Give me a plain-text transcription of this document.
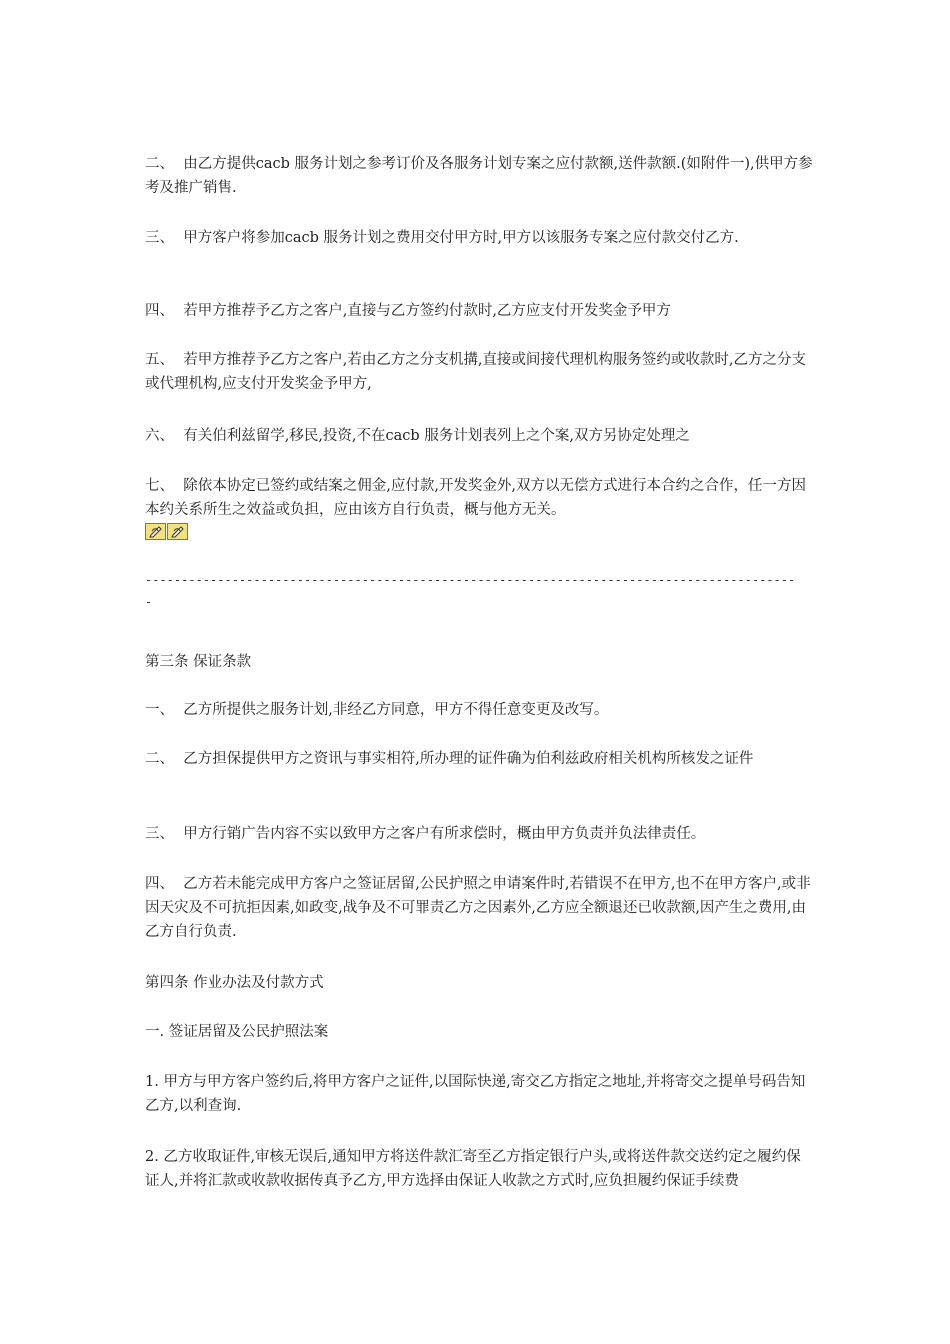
二、  由乙方提供cacb 服务计划之参考订价及各服务计划专案之应付款额,送件款额.(如附件一),供甲方参考及推广销售.

三、  甲方客户将参加cacb 服务计划之费用交付甲方时,甲方以该服务专案之应付款交付乙方.

四、  若甲方推荐予乙方之客户,直接与乙方签约付款时,乙方应支付开发奖金予甲方

五、  若甲方推荐予乙方之客户,若由乙方之分支机搆,直接或间接代理机构服务签约或收款时,乙方之分支或代理机构,应支付开发奖金予甲方,

六、  有关伯利兹留学,移民,投资,不在cacb 服务计划表列上之个案,双方另协定处理之

七、  除依本协定已签约或结案之佣金,应付款,开发奖金外,双方以无偿方式进行本合约之合作，任一方因本约关系所生之效益或负担，应由该方自行负责，概与他方无关。

------------------------------------------------------------------------------------------
-

第三条 保证条款

一、  乙方所提供之服务计划,非经乙方同意，甲方不得任意变更及改写。

二、  乙方担保提供甲方之资讯与事实相符,所办理的证件确为伯利兹政府相关机构所核发之证件

三、  甲方行销广告内容不实以致甲方之客户有所求偿时，概由甲方负责并负法律责任。

四、  乙方若未能完成甲方客户之签证居留,公民护照之申请案件时,若错误不在甲方,也不在甲方客户,或非因天灾及不可抗拒因素,如政变,战争及不可罪责乙方之因素外,乙方应全额退还已收款额,因产生之费用,由乙方自行负责.

第四条 作业办法及付款方式

一. 签证居留及公民护照法案

1. 甲方与甲方客户签约后,将甲方客户之证件,以国际快递,寄交乙方指定之地址,并将寄交之提单号码告知乙方,以利查询.

2. 乙方收取证件,审核无误后,通知甲方将送件款汇寄至乙方指定银行户头,或将送件款交送约定之履约保证人,并将汇款或收款收据传真予乙方,甲方选择由保证人收款之方式时,应负担履约保证手续费
